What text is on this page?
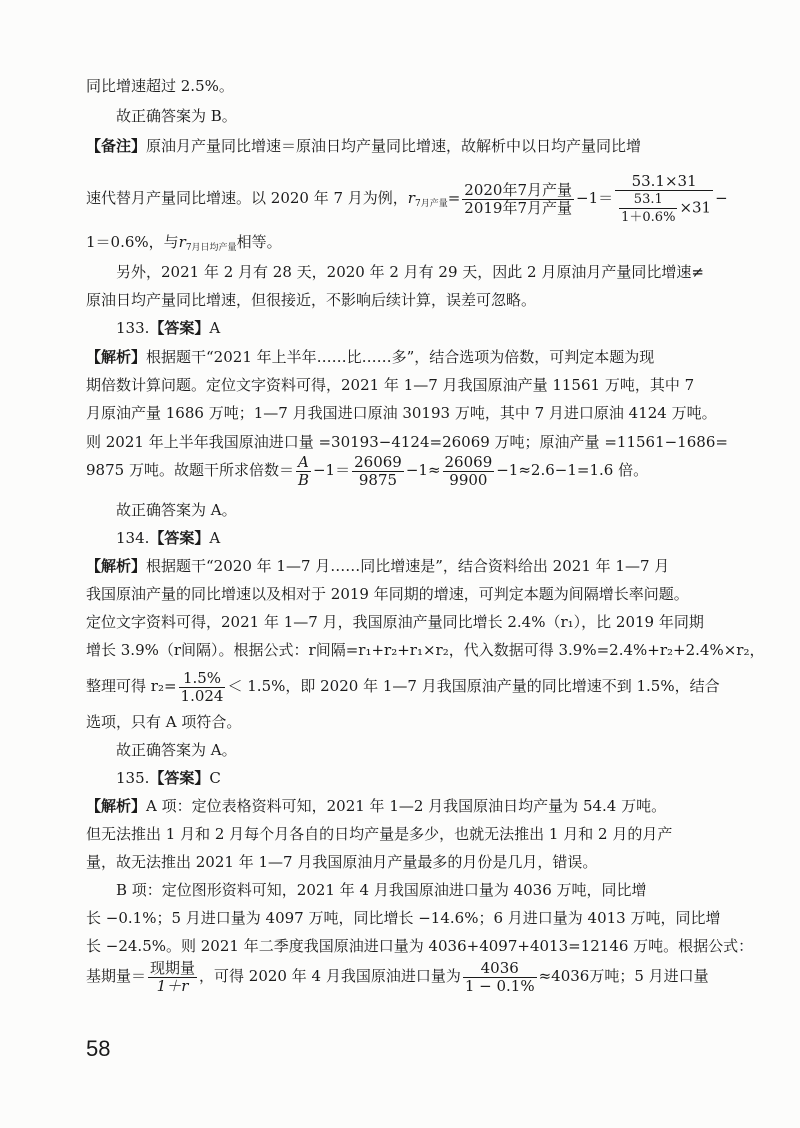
同比增速超过 2.5%。
故正确答案为 B。
【备注】原油月产量同比增速＝原油日均产量同比增速，故解析中以日均产量同比增
速代替月产量同比增速。以 2020 年 7 月为例，$r_{7月产量}= \frac{\text{2020年7月产量}}{\text{2019年7月产量}} -1= \frac{53.1\times 31}{\frac{53.1}{1+0.6\%} \times 31}$ −
1＝0.6%，与$r_{7月日均产量}$相等。
另外，2021 年 2 月有 28 天，2020 年 2 月有 29 天，因此 2 月原油月产量同比增速≠
原油日均产量同比增速，但很接近，不影响后续计算，误差可忽略。
133.【答案】A
【解析】根据题干“2021 年上半年……比……多”，结合选项为倍数，可判定本题为现
期倍数计算问题。定位文字资料可得，2021 年 1—7 月我国原油产量 11561 万吨，其中 7
月原油产量 1686 万吨；1—7 月我国进口原油 30193 万吨，其中 7 月进口原油 4124 万吨。
则 2021 年上半年我国原油进口量 =30193−4124=26069 万吨；原油产量 =11561−1686=
9875 万吨。故题干所求倍数＝ $\frac{A}{B} -1= \frac{26069}{9875} -1\approx \frac{26069}{9900} -1\approx 2.6-1=1.6$ 倍。
故正确答案为 A。
134.【答案】A
【解析】根据题干“2020 年 1—7 月……同比增速是”，结合资料给出 2021 年 1—7 月
我国原油产量的同比增速以及相对于 2019 年同期的增速，可判定本题为间隔增长率问题。
定位文字资料可得，2021 年 1—7 月，我国原油产量同比增长 2.4%（r₁），比 2019 年同期
增长 3.9%（r间隔）。根据公式：r间隔=r₁+r₂+r₁×r₂，代入数据可得 3.9%=2.4%+r₂+2.4%×r₂，
整理可得 $r_2= \frac{1.5\%}{1.024} < 1.5\%$，即 2020 年 1—7 月我国原油产量的同比增速不到 1.5%，结合
选项，只有 A 项符合。
故正确答案为 A。
135.【答案】C
【解析】A 项：定位表格资料可知，2021 年 1—2 月我国原油日均产量为 54.4 万吨。
但无法推出 1 月和 2 月每个月各自的日均产量是多少，也就无法推出 1 月和 2 月的月产
量，故无法推出 2021 年 1—7 月我国原油月产量最多的月份是几月，错误。
B 项：定位图形资料可知，2021 年 4 月我国原油进口量为 4036 万吨，同比增
长 −0.1%；5 月进口量为 4097 万吨，同比增长 −14.6%；6 月进口量为 4013 万吨，同比增
长 −24.5%。则 2021 年二季度我国原油进口量为 4036+4097+4013=12146 万吨。根据公式：
基期量＝ $\frac{\text{现期量}}{1+r}$ ，可得 2020 年 4 月我国原油进口量为 $\frac{4036}{1 - 0.1\%} \approx 4036$万吨；5 月进口量
58
